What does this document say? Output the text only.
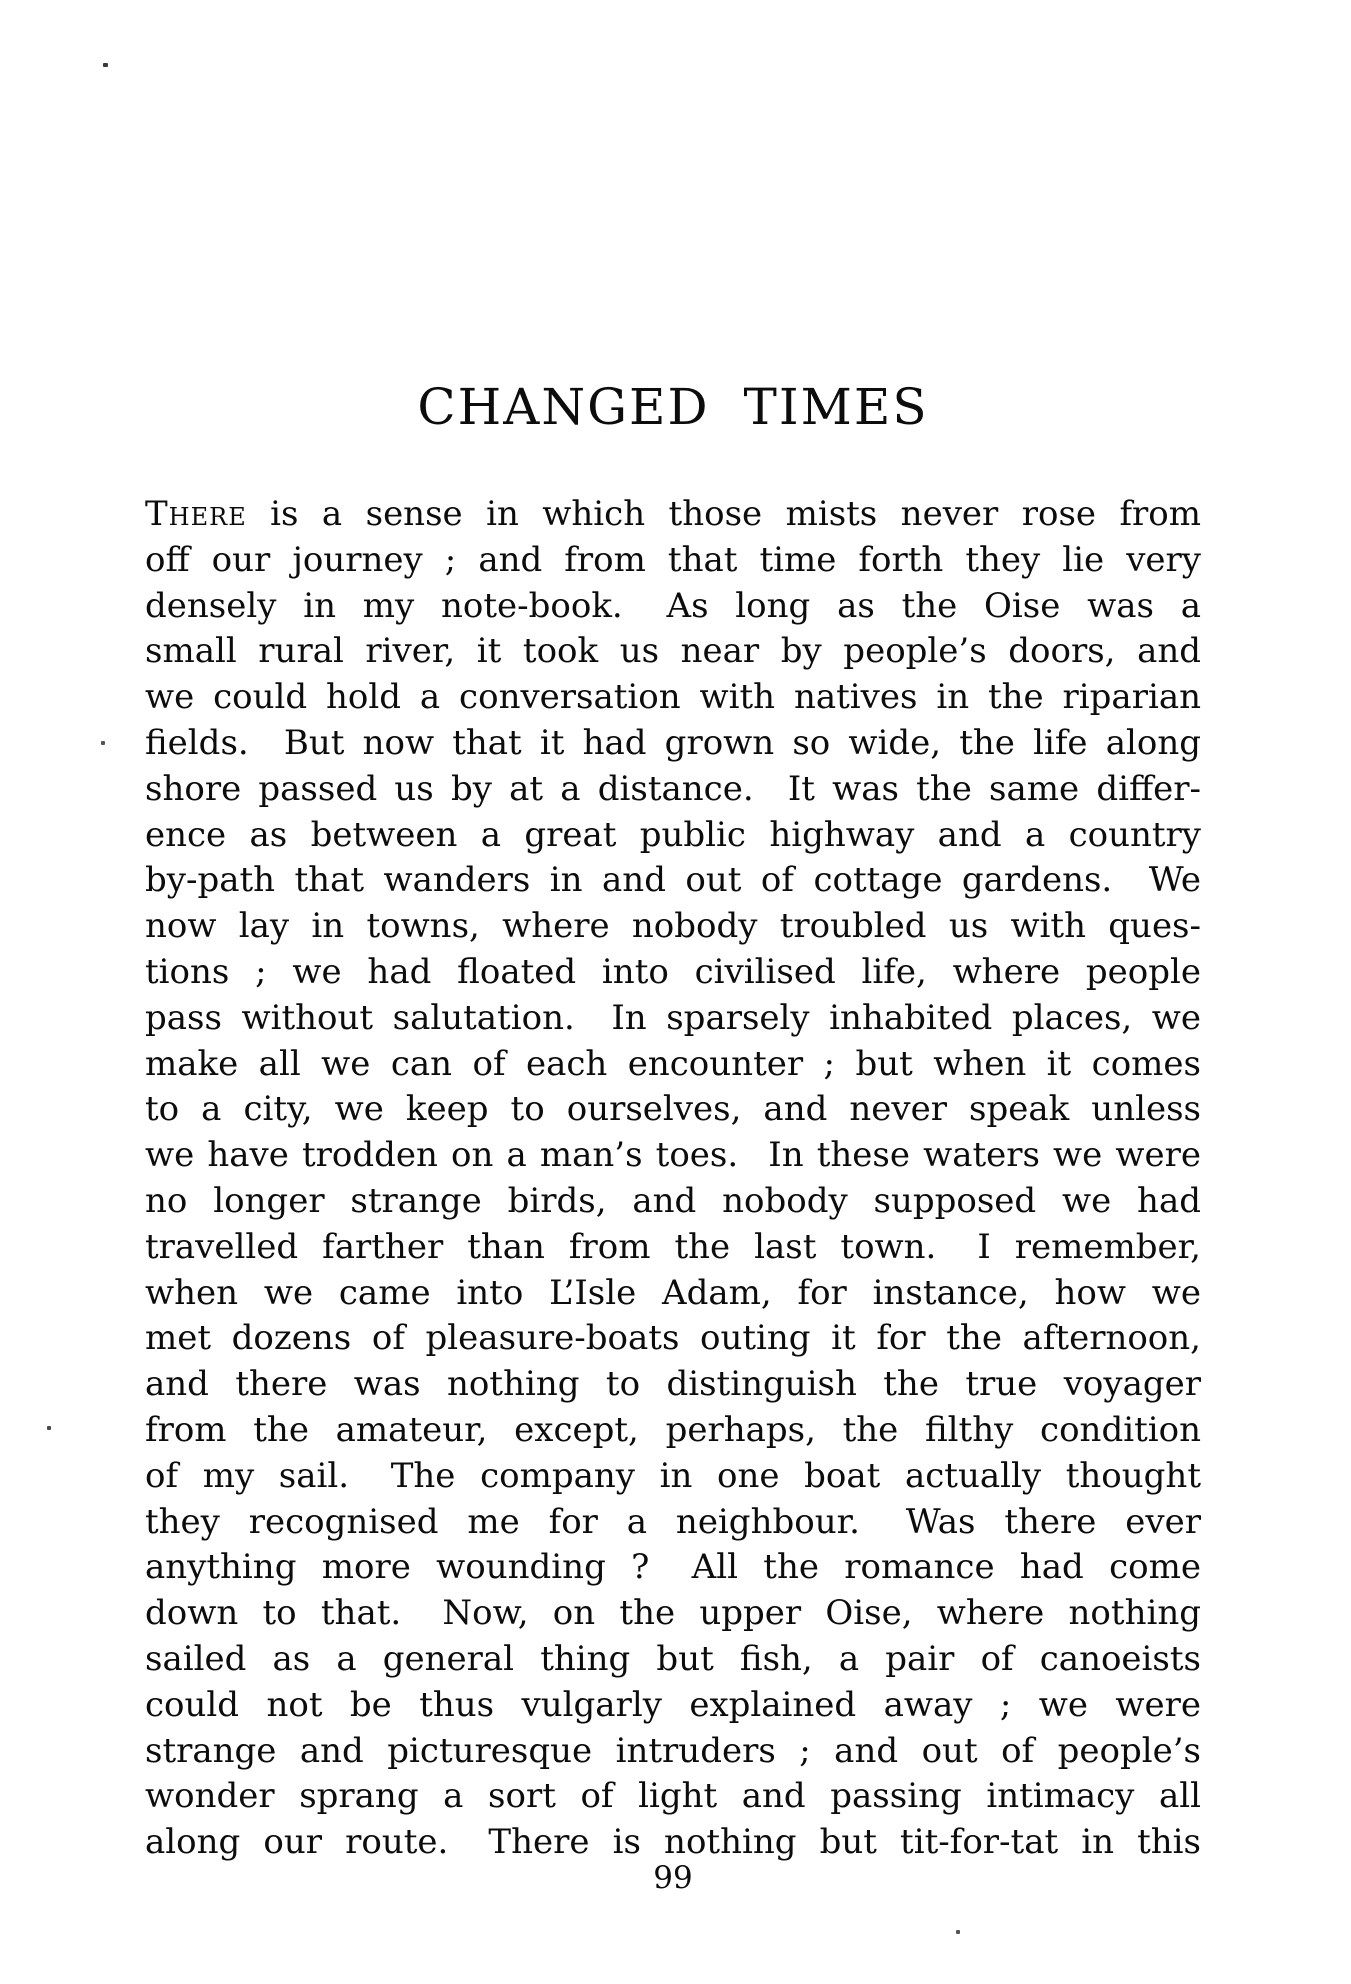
CHANGED TIMES
There is a sense in which those mists never rose from
off our journey ; and from that time forth they lie very
densely in my note-book.  As long as the Oise was a
small rural river, it took us near by people’s doors, and
we could hold a conversation with natives in the riparian
fields.  But now that it had grown so wide, the life along
shore passed us by at a distance.  It was the same differ-
ence as between a great public highway and a country
by-path that wanders in and out of cottage gardens.  We
now lay in towns, where nobody troubled us with ques-
tions ; we had floated into civilised life, where people
pass without salutation.  In sparsely inhabited places, we
make all we can of each encounter ; but when it comes
to a city, we keep to ourselves, and never speak unless
we have trodden on a man’s toes.  In these waters we were
no longer strange birds, and nobody supposed we had
travelled farther than from the last town.  I remember,
when we came into L’Isle Adam, for instance, how we
met dozens of pleasure-boats outing it for the afternoon,
and there was nothing to distinguish the true voyager
from the amateur, except, perhaps, the filthy condition
of my sail.  The company in one boat actually thought
they recognised me for a neighbour.  Was there ever
anything more wounding ?  All the romance had come
down to that.  Now, on the upper Oise, where nothing
sailed as a general thing but fish, a pair of canoeists
could not be thus vulgarly explained away ; we were
strange and picturesque intruders ; and out of people’s
wonder sprang a sort of light and passing intimacy all
along our route.  There is nothing but tit-for-tat in this
99
